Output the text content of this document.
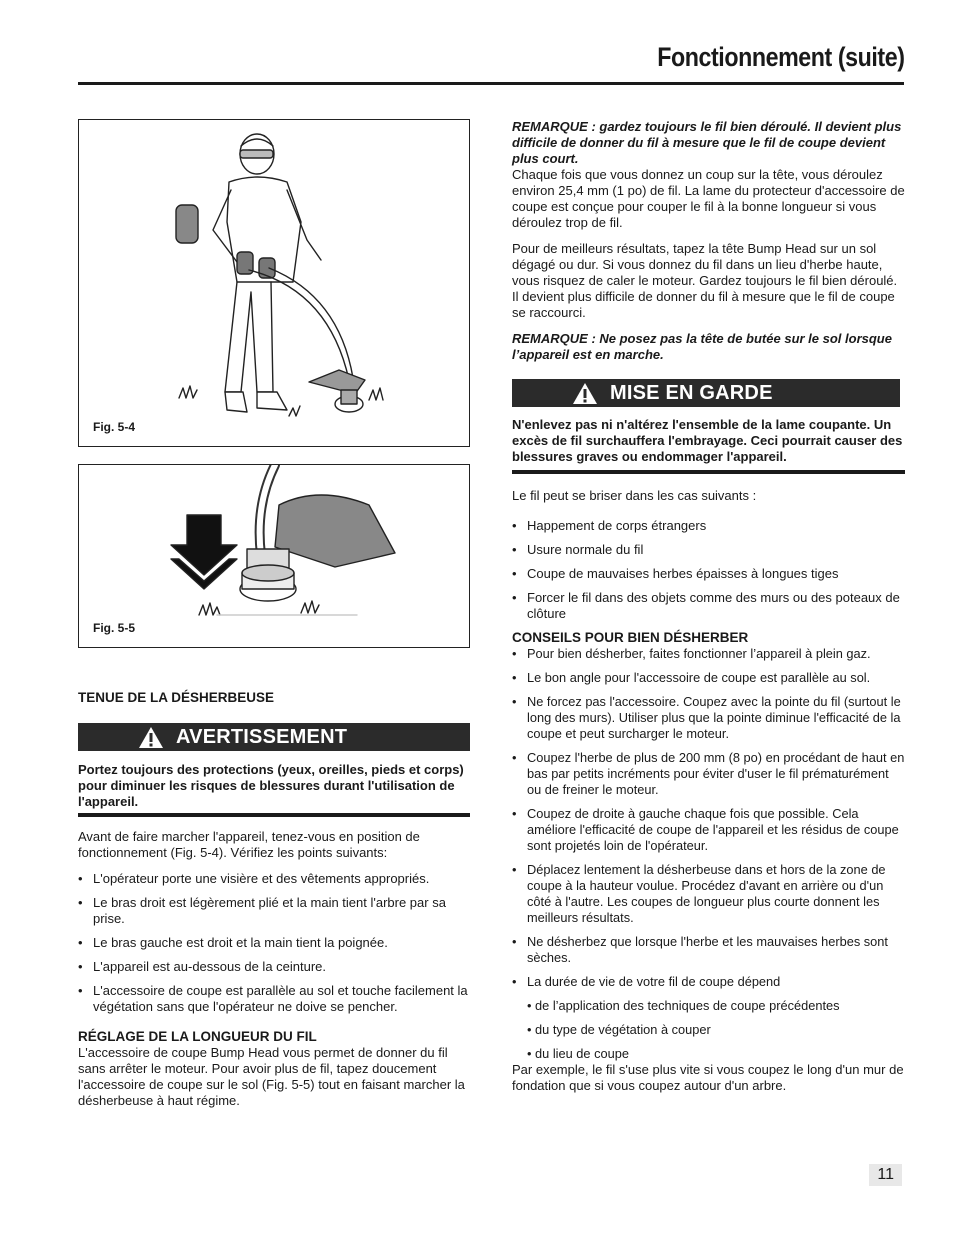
Fonctionnement (suite)
Fig. 5-4
Fig. 5-5

TENUE DE LA DÉSHERBEUSE

AVERTISSEMENT

Portez toujours des protections (yeux, oreilles, pieds et corps) pour diminuer les risques de blessures durant l'utilisation de l'appareil.

Avant de faire marcher l'appareil, tenez-vous en position de fonctionnement (Fig. 5-4). Vérifiez les points suivants:

• L'opérateur porte une visière et des vêtements appropriés.
• Le bras droit est légèrement plié et la main tient l'arbre par sa prise.
• Le bras gauche est droit et la main tient la poignée.
• L'appareil est au-dessous de la ceinture.
• L'accessoire de coupe est parallèle au sol et touche facilement la végétation sans que l'opérateur ne doive se pencher.

RÉGLAGE DE LA LONGUEUR DU FIL

L'accessoire de coupe Bump Head vous permet de donner du fil sans arrêter le moteur. Pour avoir plus de fil, tapez doucement l'accessoire de coupe sur le sol (Fig. 5-5) tout en faisant marcher la désherbeuse à haut régime.

REMARQUE : gardez toujours le fil bien déroulé. Il devient plus difficile de donner du fil à mesure que le fil de coupe devient plus court.

Chaque fois que vous donnez un coup sur la tête, vous déroulez environ 25,4 mm (1 po) de fil. La lame du protecteur d'accessoire de coupe est conçue pour couper le fil à la bonne longueur si vous déroulez trop de fil.

Pour de meilleurs résultats, tapez la tête Bump Head sur un sol dégagé ou dur. Si vous donnez du fil dans un lieu d'herbe haute, vous risquez de caler le moteur. Gardez toujours le fil bien déroulé. Il devient plus difficile de donner du fil à mesure que le fil de coupe se raccourci.

REMARQUE : Ne posez pas la tête de butée sur le sol lorsque l’appareil est en marche.

MISE EN GARDE

N'enlevez pas ni n'altérez l'ensemble de la lame coupante. Un excès de fil surchauffera l'embrayage. Ceci pourrait causer des blessures graves ou endommager l'appareil.

Le fil peut se briser dans les cas suivants :

• Happement de corps étrangers
• Usure normale du fil
• Coupe de mauvaises herbes épaisses à longues tiges
• Forcer le fil dans des objets comme des murs ou des poteaux de clôture

CONSEILS POUR BIEN DÉSHERBER

• Pour bien désherber, faites fonctionner l’appareil à plein gaz.
• Le bon angle pour l'accessoire de coupe est parallèle au sol.
• Ne forcez pas l'accessoire. Coupez avec la pointe du fil (surtout le long des murs). Utiliser plus que la pointe diminue l'efficacité de la coupe et peut surcharger le moteur.
• Coupez l'herbe de plus de 200 mm (8 po) en procédant de haut en bas par petits incréments pour éviter d'user le fil prématurément ou de freiner le moteur.
• Coupez de droite à gauche chaque fois que possible. Cela améliore l'efficacité de coupe de l'appareil et les résidus de coupe sont projetés loin de l'opérateur.
• Déplacez lentement la désherbeuse dans et hors de la zone de coupe à la hauteur voulue. Procédez d'avant en arrière ou d'un côté à l'autre. Les coupes de longueur plus courte donnent les meilleurs résultats.
• Ne désherbez que lorsque l'herbe et les mauvaises herbes sont sèches.
• La durée de vie de votre fil de coupe dépend
• de l’application des techniques de coupe précédentes
• du type de végétation à couper
• du lieu de coupe

Par exemple, le fil s'use plus vite si vous coupez le long d'un mur de fondation que si vous coupez autour d'un arbre.

11
